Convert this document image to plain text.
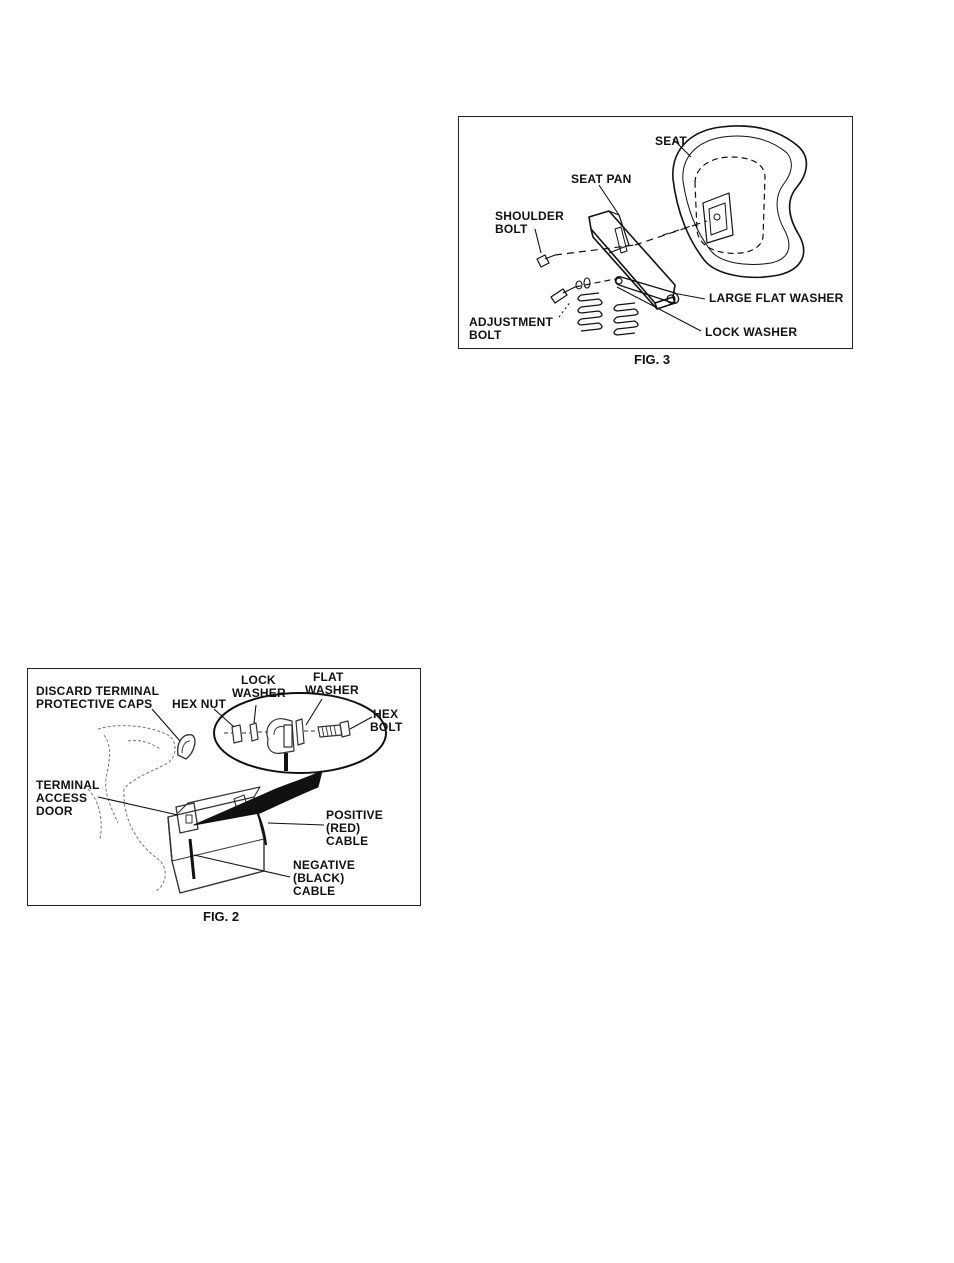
SEAT
SEAT PAN
SHOULDER
BOLT
LARGE FLAT WASHER
ADJUSTMENT
BOLT	LOCK WASHER
FIG. 3
DISCARD TERMINAL
PROTECTIVE CAPS HEX NUT
LOCK
WASHER
FLAT
WASHER
HEX
BOLT
TERMINAL
ACCESS
DOOR	POSITIVE
(RED)
CABLE
NEGATIVE
(BLACK)
CABLE
FIG. 2
